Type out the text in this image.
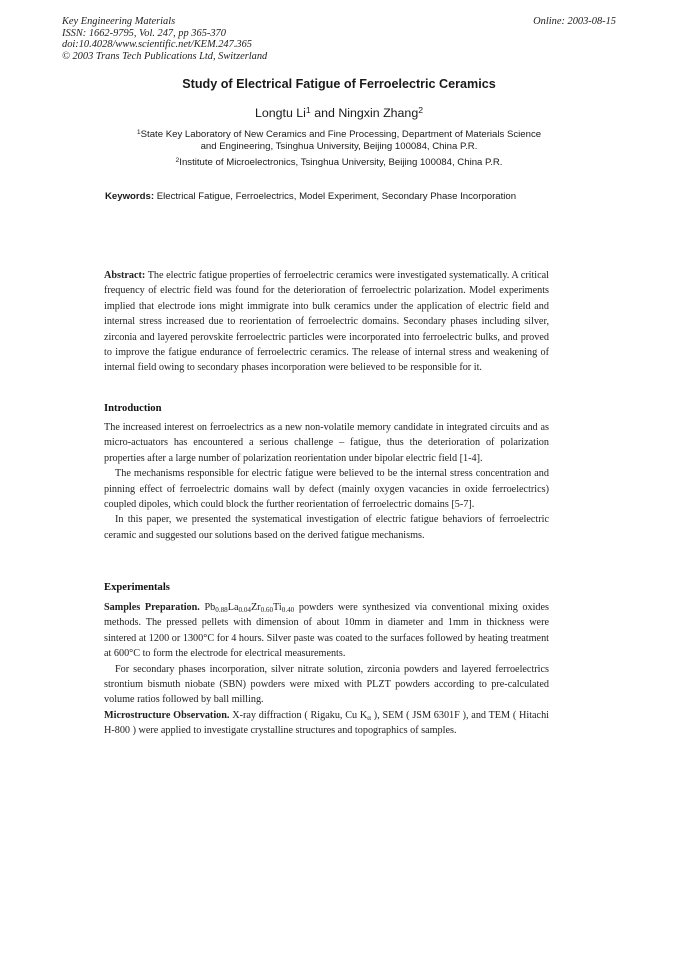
Key Engineering Materials
ISSN: 1662-9795, Vol. 247, pp 365-370
doi:10.4028/www.scientific.net/KEM.247.365
© 2003 Trans Tech Publications Ltd, Switzerland
Online: 2003-08-15
Study of Electrical Fatigue of Ferroelectric Ceramics
Longtu Li$^1$ and Ningxin Zhang$^2$
$^1$State Key Laboratory of New Ceramics and Fine Processing, Department of Materials Science
and Engineering, Tsinghua University, Beijing 100084, China P.R.
$^2$Institute of Microelectronics, Tsinghua University, Beijing 100084, China P.R.
Keywords: Electrical Fatigue, Ferroelectrics, Model Experiment, Secondary Phase Incorporation
Abstract: The electric fatigue properties of ferroelectric ceramics were investigated systematically. A critical frequency of electric field was found for the deterioration of ferroelectric polarization. Model experiments implied that electrode ions might immigrate into bulk ceramics under the application of electric field and internal stress increased due to reorientation of ferroelectric domains. Secondary phases including silver, zirconia and layered perovskite ferroelectric particles were incorporated into ferroelectric bulks, and proved to improve the fatigue endurance of ferroelectric ceramics. The release of internal stress and weakening of internal field owing to secondary phases incorporation were believed to be responsible for it.
Introduction

The increased interest on ferroelectrics as a new non-volatile memory candidate in integrated circuits and as micro-actuators has encountered a serious challenge – fatigue, thus the deterioration of polarization properties after a large number of polarization reorientation under bipolar electric field [1-4].

The mechanisms responsible for electric fatigue were believed to be the internal stress concentration and pinning effect of ferroelectric domains wall by defect (mainly oxygen vacancies in oxide ferroelectrics) coupled dipoles, which could block the further reorientation of ferroelectric domains [5-7].

In this paper, we presented the systematical investigation of electric fatigue behaviors of ferroelectric ceramic and suggested our solutions based on the derived fatigue mechanisms.

Experimentals

Samples Preparation. $Pb_{0.88}La_{0.04}Zr_{0.60}Ti_{0.40}$ powders were synthesized via conventional mixing oxides methods. The pressed pellets with dimension of about 10mm in diameter and 1mm in thickness were sintered at 1200 or 1300°C for 4 hours. Silver paste was coated to the surfaces followed by heating treatment at 600°C to form the electrode for electrical measurements.

For secondary phases incorporation, silver nitrate solution, zirconia powders and layered ferroelectrics strontium bismuth niobate (SBN) powders were mixed with PLZT powders according to pre-calculated volume ratios followed by ball milling.

Microstructure Observation. X-ray diffraction ( Rigaku, Cu $K_\alpha$ ), SEM ( JSM 6301F ), and TEM ( Hitachi H-800 ) were applied to investigate crystalline structures and topographics of samples.
